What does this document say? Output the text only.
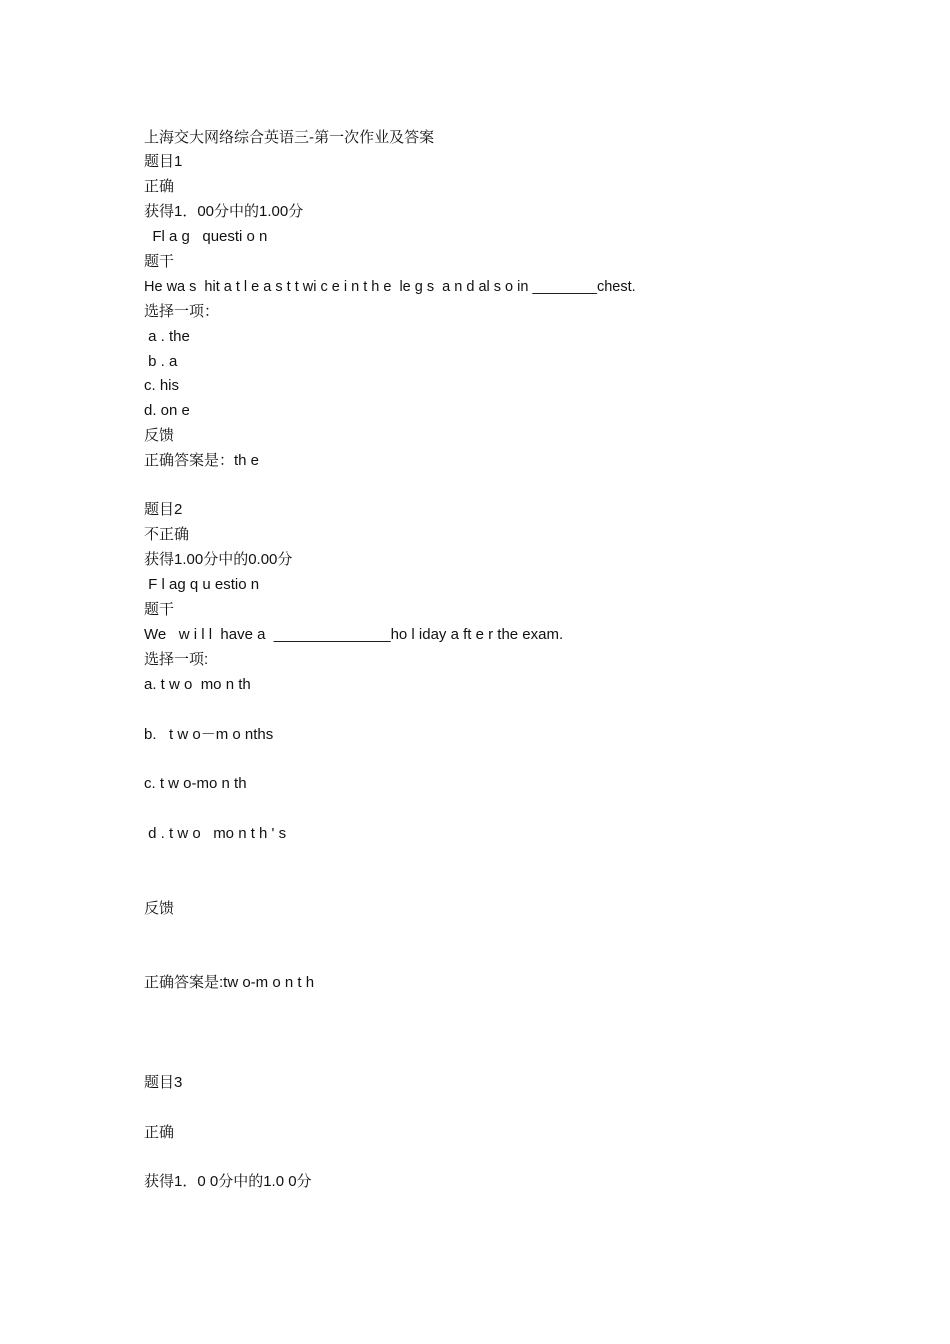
上海交大网络综合英语三-第一次作业及答案
题目1
正确
获得1．00分中的1.00分
Fl a g   questi o n
题干
He wa s  hit a t l e a s t t wi c e i n t h e  le g s  a n d al s o in ________chest.
选择一项：
a . the
b . a
c. his
d. on e
反馈
正确答案是：th e
题目2
不正确
获得1.00分中的0.00分
F l ag q u estio n
题干
We   w i l l  have a  ______________ho l iday a ft e r the exam.
选择一项:
a. t w o  mo n th
b.   t w o－m o nths
c. t w o-mo n th
d . t w o   mo n t h ' s
反馈
正确答案是:tw o-m o n t h
题目3
正确
获得1．0 0分中的1.0 0分
